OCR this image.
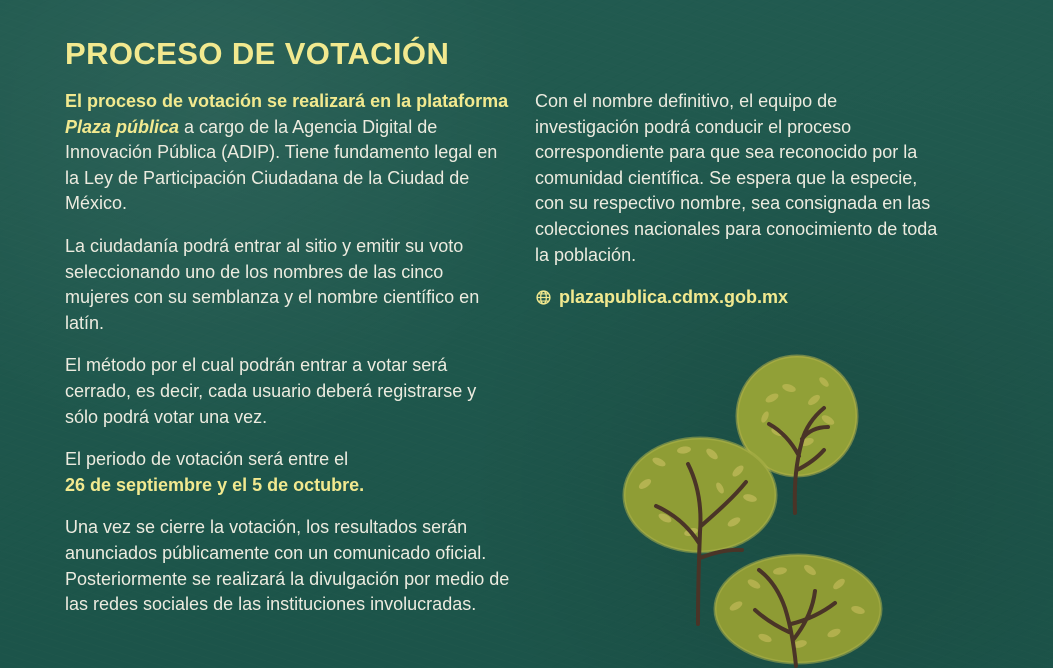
PROCESO DE VOTACIÓN

El proceso de votación se realizará en la plataforma Plaza pública a cargo de la Agencia Digital de Innovación Pública (ADIP). Tiene fundamento legal en la Ley de Participación Ciudadana de la Ciudad de México.

La ciudadanía podrá entrar al sitio y emitir su voto seleccionando uno de los nombres de las cinco mujeres con su semblanza y el nombre científico en latín.

El método por el cual podrán entrar a votar será cerrado, es decir, cada usuario deberá registrarse y sólo podrá votar una vez.

El periodo de votación será entre el
26 de septiembre y el 5 de octubre.

Una vez se cierre la votación, los resultados serán anunciados públicamente con un comunicado oficial. Posteriormente se realizará la divulgación por medio de las redes sociales de las instituciones involucradas.

Con el nombre definitivo, el equipo de investigación podrá conducir el proceso correspondiente para que sea reconocido por la comunidad científica. Se espera que la especie, con su respectivo nombre, sea consignada en las colecciones nacionales para conocimiento de toda la población.

plazapublica.cdmx.gob.mx
